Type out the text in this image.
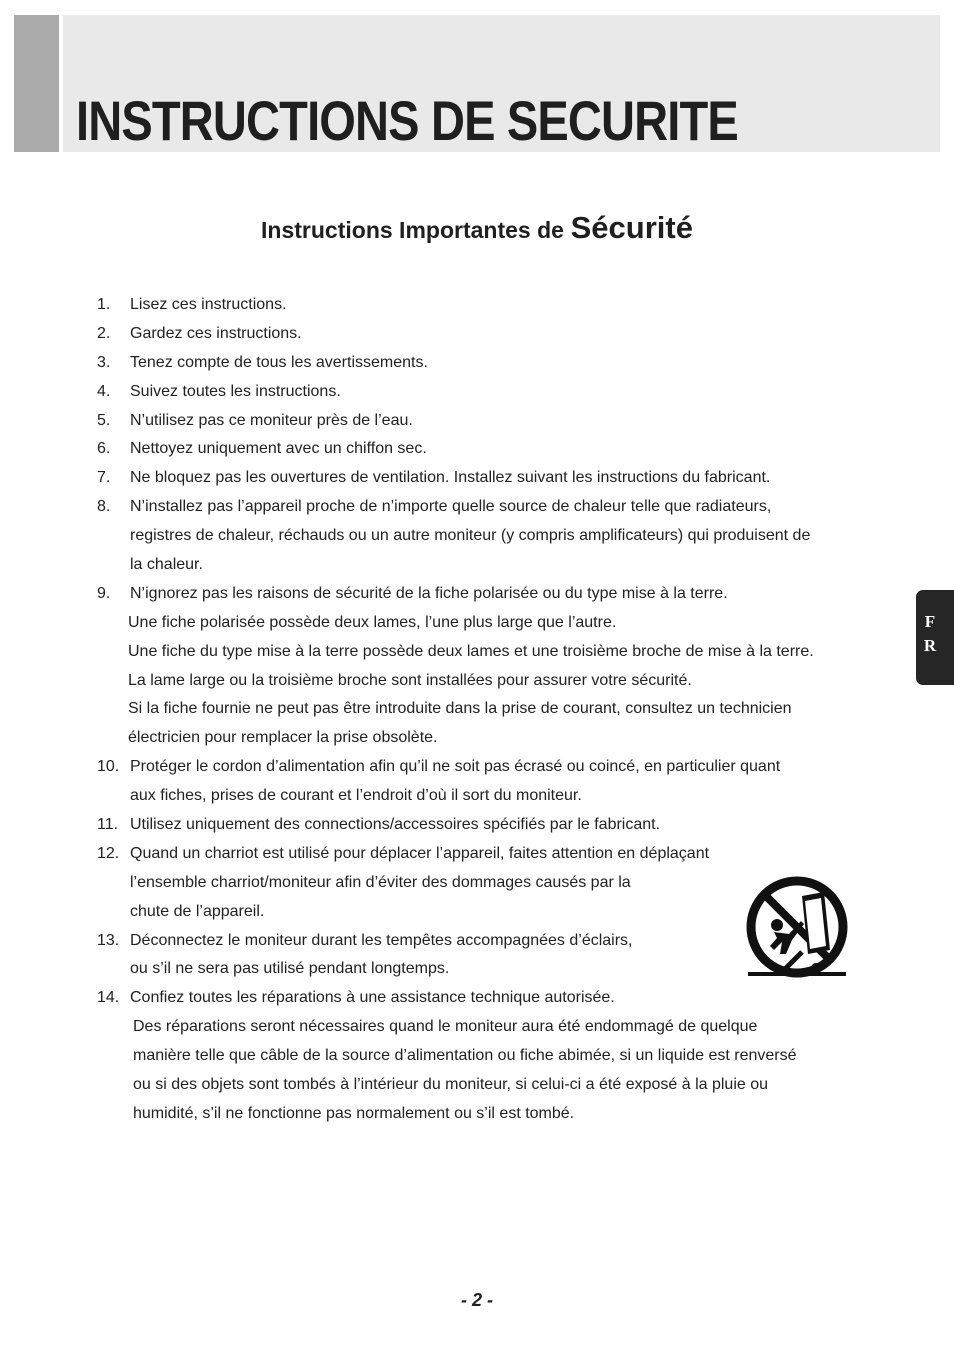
INSTRUCTIONS DE SECURITE
Instructions Importantes de Sécurité
1. Lisez ces instructions.
2. Gardez ces instructions.
3. Tenez compte de tous les avertissements.
4. Suivez toutes les instructions.
5. N’utilisez pas ce moniteur près de l’eau.
6. Nettoyez uniquement avec un chiffon sec.
7. Ne bloquez pas les ouvertures de ventilation. Installez suivant les instructions du fabricant.
8. N’installez pas l’appareil proche de n’importe quelle source de chaleur telle que radiateurs,
registres de chaleur, réchauds ou un autre moniteur (y compris amplificateurs) qui produisent de
la chaleur.
9. N’ignorez pas les raisons de sécurité de la fiche polarisée ou du type mise à la terre.
Une fiche polarisée possède deux lames, l’une plus large que l’autre.
Une fiche du type mise à la terre possède deux lames et une troisième broche de mise à la terre.
La lame large ou la troisième broche sont installées pour assurer votre sécurité.
Si la fiche fournie ne peut pas être introduite dans la prise de courant, consultez un technicien
électricien pour remplacer la prise obsolète.
10. Protéger le cordon d’alimentation afin qu’il ne soit pas écrasé ou coincé, en particulier quant
aux fiches, prises de courant et l’endroit d’où il sort du moniteur.
11. Utilisez uniquement des connections/accessoires spécifiés par le fabricant.
12. Quand un charriot est utilisé pour déplacer l’appareil, faites attention en déplaçant
l’ensemble charriot/moniteur afin d’éviter des dommages causés par la
chute de l’appareil.
13. Déconnectez le moniteur durant les tempêtes accompagnées d’éclairs,
ou s’il ne sera pas utilisé pendant longtemps.
14. Confiez toutes les réparations à une assistance technique autorisée.
Des réparations seront nécessaires quand le moniteur aura été endommagé de quelque
manière telle que câble de la source d’alimentation ou fiche abimée, si un liquide est renversé
ou si des objets sont tombés à l’intérieur du moniteur, si celui-ci a été exposé à la pluie ou
humidité, s’il ne fonctionne pas normalement ou s’il est tombé.
F
R
- 2 -
